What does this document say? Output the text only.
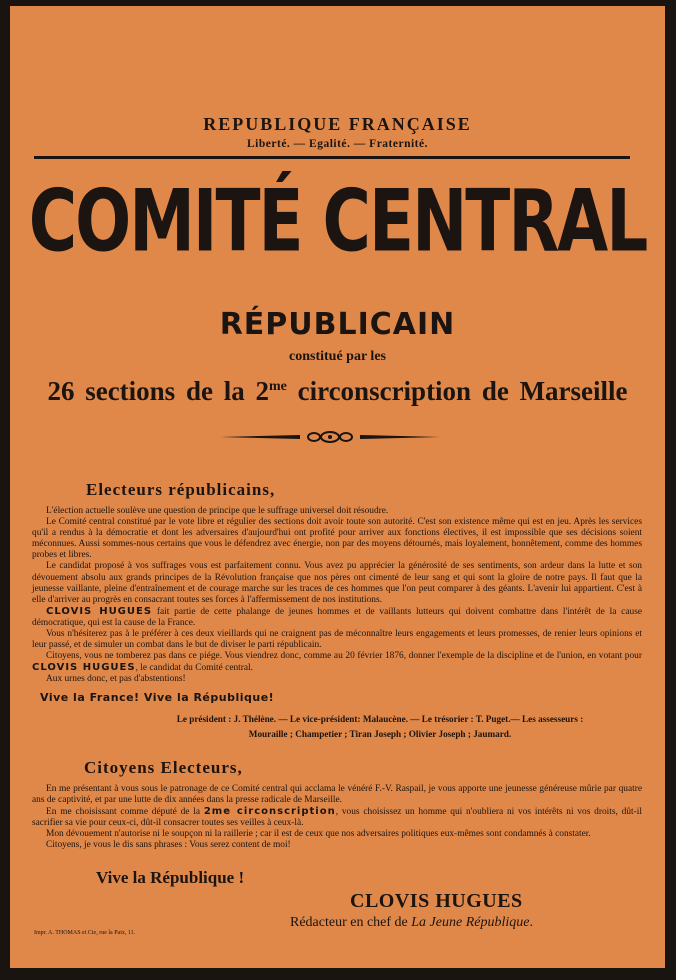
REPUBLIQUE FRANÇAISE
Liberté. — Egalité. — Fraternité.
COMITÉ CENTRAL
RÉPUBLICAIN
constitué par les
26 sections de la $2^{me}$ circonscription de Marseille
Electeurs républicains,

L'élection actuelle soulève une question de principe que le suffrage universel doit résoudre.

Le Comité central constitué par le vote libre et régulier des sections doit avoir toute son autorité. C'est son existence même qui est en jeu. Après les services qu'il a rendus à la démocratie et dont les adversaires d'aujourd'hui ont profité pour arriver aux fonctions électives, il est impossible que ses décisions soient méconnues. Aussi sommes-nous certains que vous le défendrez avec énergie, non par des moyens détournés, mais loyalement, honnêtement, comme des hommes probes et libres.

Le candidat proposé à vos suffrages vous est parfaitement connu. Vous avez pu apprécier la générosité de ses sentiments, son ardeur dans la lutte et son dévouement absolu aux grands principes de la Révolution française que nos pères ont cimenté de leur sang et qui sont la gloire de notre pays. Il faut que la jeunesse vaillante, pleine d'entraînement et de courage marche sur les traces de ces hommes que l'on peut comparer à des géants. L'avenir lui appartient. C'est à elle d'arriver au progrès en consacrant toutes ses forces à l'affermissement de nos institutions.

CLOVIS HUGUES fait partie de cette phalange de jeunes hommes et de vaillants lutteurs qui doivent combattre dans l'intérêt de la cause démocratique, qui est la cause de la France.

Vous n'hésiterez pas à le préférer à ces deux vieillards qui ne craignent pas de méconnaître leurs engagements et leurs promesses, de renier leurs opinions et leur passé, et de simuler un combat dans le but de diviser le parti républicain.

Citoyens, vous ne tomberez pas dans ce piége. Vous viendrez donc, comme au 20 février 1876, donner l'exemple de la discipline et de l'union, en votant pour CLOVIS HUGUES, le candidat du Comité central.

Aux urnes donc, et pas d'abstentions!

Vive la France! Vive la République!
Le président : J. Thélène. — Le vice-président: Malaucène. — Le trésorier : T. Puget.— Les assesseurs :
Mouraille ; Champetier ; Tiran Joseph ; Olivier Joseph ; Jaumard.
Citoyens Electeurs,

En me présentant à vous sous le patronage de ce Comité central qui acclama le vénéré F.-V. Raspail, je vous apporte une jeunesse généreuse mûrie par quatre ans de captivité, et par une lutte de dix années dans la presse radicale de Marseille.

En me choisissant comme député de la 2me circonscription, vous choisissez un homme qui n'oubliera ni vos intérêts ni vos droits, dût-il sacrifier sa vie pour ceux-ci, dût-il consacrer toutes ses veilles à ceux-là.

Mon dévouement n'autorise ni le soupçon ni la raillerie ; car il est de ceux que nos adversaires politiques eux-mêmes sont condamnés à constater.

Citoyens, je vous le dis sans phrases : Vous serez content de moi!

Vive la République !
CLOVIS HUGUES
Rédacteur en chef de La Jeune République.
Impr. A. THOMAS et Cie, rue la Paix, 11.
